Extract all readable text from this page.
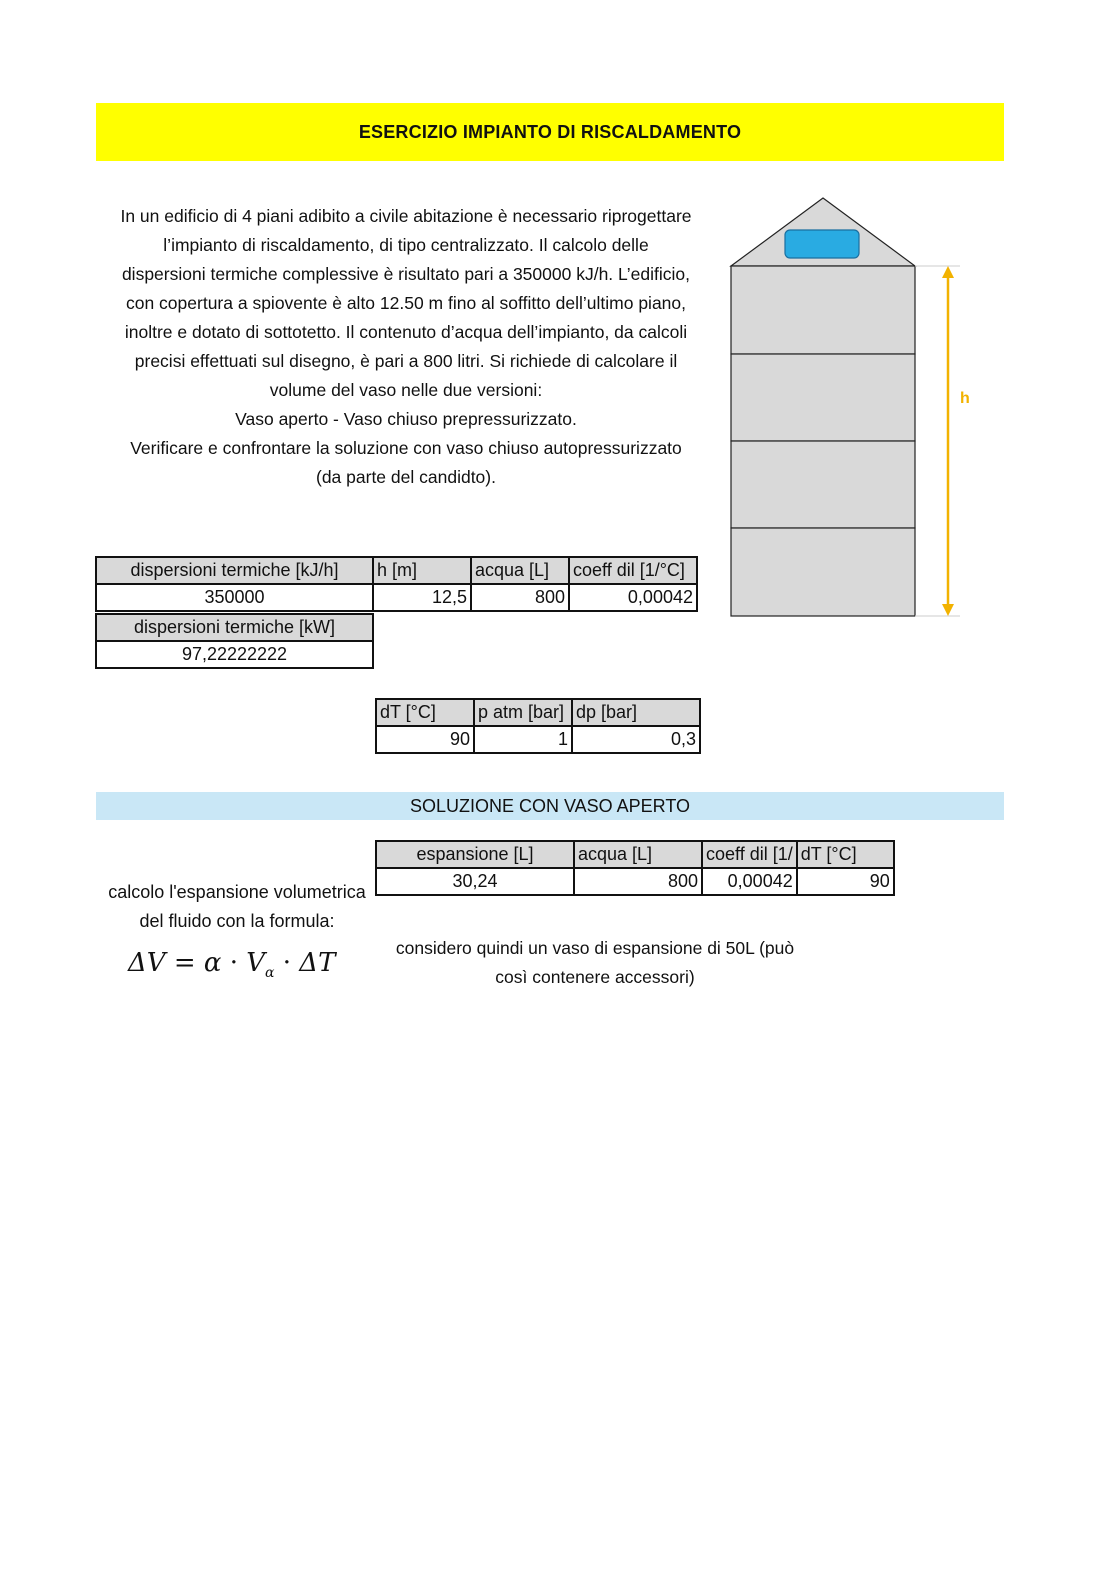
ESERCIZIO IMPIANTO DI RISCALDAMENTO

In un edificio di 4 piani adibito a civile abitazione è necessario riprogettare

l’impianto di riscaldamento, di tipo centralizzato. Il calcolo delle

dispersioni termiche complessive è risultato pari a 350000 kJ/h. L’edificio,

con copertura a spiovente è alto 12.50 m fino al soffitto dell’ultimo piano,

inoltre e dotato di sottotetto. Il contenuto d’acqua dell’impianto, da calcoli

precisi effettuati sul disegno, è pari a 800 litri. Si richiede di calcolare il

volume del vaso nelle due versioni:

Vaso aperto - Vaso chiuso prepressurizzato.

Verificare e confrontare la soluzione con vaso chiuso autopressurizzato

(da parte del candidto).

h
dispersioni termiche [kJ/h]	h [m]	acqua [L]	coeff dil [1/°C]
350000	12,5	800	0,00042
dispersioni termiche [kW]
97,22222222
dT [°C]	p atm [bar]	dp [bar]
90	1	0,3
SOLUZIONE CON VASO APERTO
espansione [L]	acqua [L]	coeff dil [1/	dT [°C]
30,24	800	0,00042	90
calcolo l'espansione volumetrica
del fluido con la formula:
$\Delta V = \alpha \cdot V_\alpha \cdot \Delta T$	considero quindi un vaso di espansione di 50L (può
così contenere accessori)
